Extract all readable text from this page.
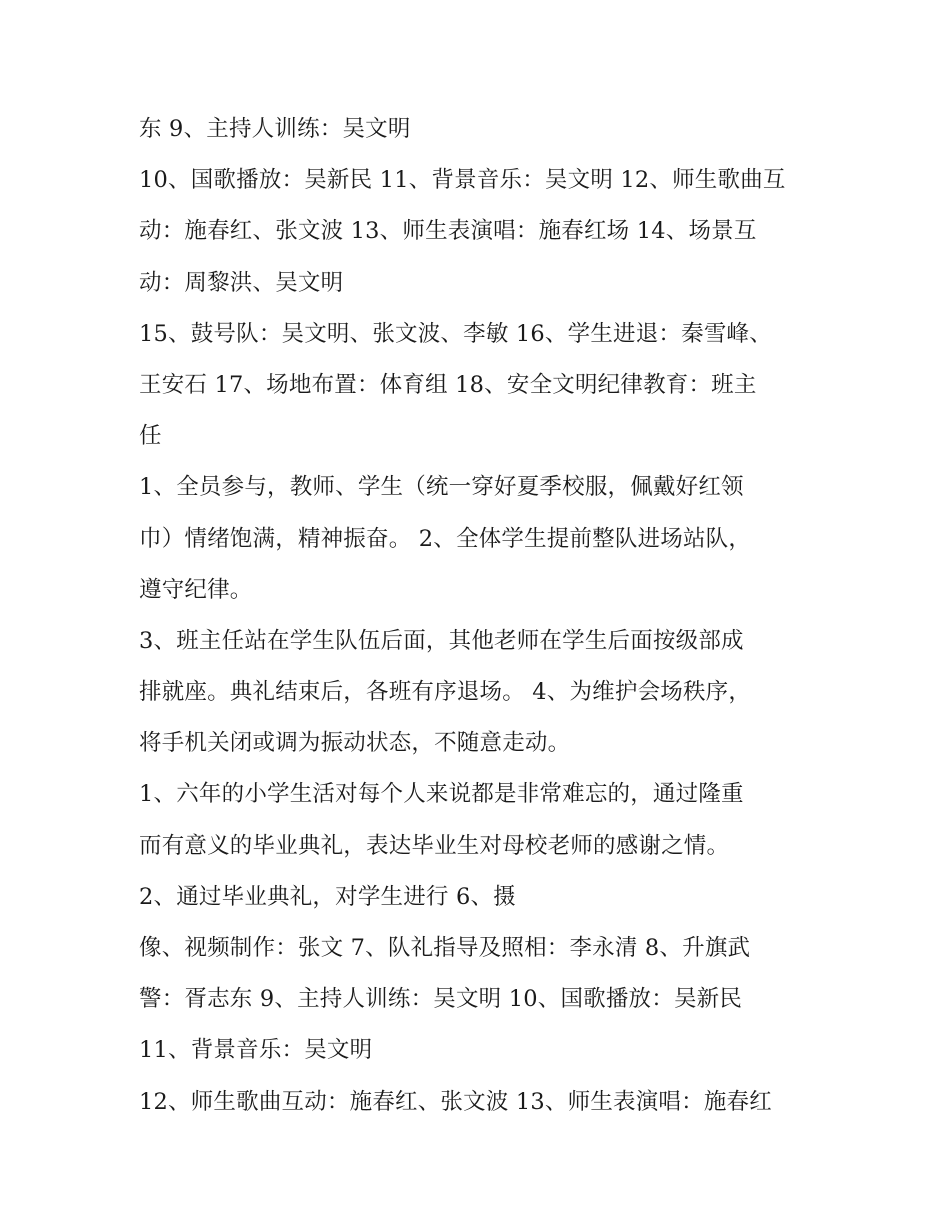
东 9、主持人训练：吴文明
10、国歌播放：吴新民 11、背景音乐：吴文明 12、师生歌曲互
动：施春红、张文波 13、师生表演唱：施春红场 14、场景互
动：周黎洪、吴文明
15、鼓号队：吴文明、张文波、李敏 16、学生进退：秦雪峰、
王安石 17、场地布置：体育组 18、安全文明纪律教育：班主
任
1、全员参与，教师、学生（统一穿好夏季校服，佩戴好红领
巾）情绪饱满，精神振奋。 2、全体学生提前整队进场站队，
遵守纪律。
3、班主任站在学生队伍后面，其他老师在学生后面按级部成
排就座。典礼结束后，各班有序退场。 4、为维护会场秩序，
将手机关闭或调为振动状态，不随意走动。
1、六年的小学生活对每个人来说都是非常难忘的，通过隆重
而有意义的毕业典礼，表达毕业生对母校老师的感谢之情。
2、通过毕业典礼，对学生进行 6、摄
像、视频制作：张文 7、队礼指导及照相：李永清 8、升旗武
警：胥志东 9、主持人训练：吴文明 10、国歌播放：吴新民
11、背景音乐：吴文明
12、师生歌曲互动：施春红、张文波 13、师生表演唱：施春红
